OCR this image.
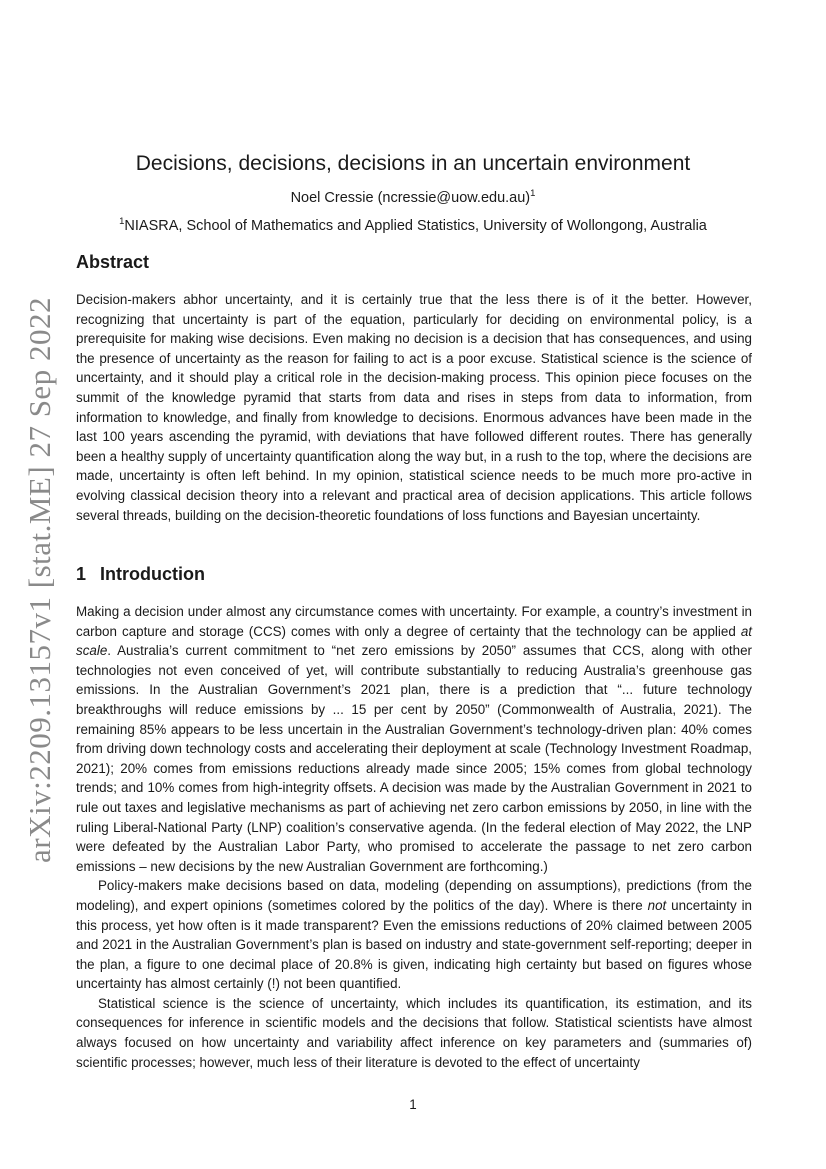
arXiv:2209.13157v1 [stat.ME] 27 Sep 2022
Decisions, decisions, decisions in an uncertain environment
Noel Cressie (ncressie@uow.edu.au)$^1$
$^1$NIASRA, School of Mathematics and Applied Statistics, University of Wollongong, Australia
Abstract

Decision-makers abhor uncertainty, and it is certainly true that the less there is of it the better. However, recognizing that uncertainty is part of the equation, particularly for deciding on environmental policy, is a prerequisite for making wise decisions. Even making no decision is a decision that has consequences, and using the presence of uncertainty as the reason for failing to act is a poor excuse. Statistical science is the science of uncertainty, and it should play a critical role in the decision-making process. This opinion piece focuses on the summit of the knowledge pyramid that starts from data and rises in steps from data to information, from information to knowledge, and finally from knowledge to decisions. Enormous advances have been made in the last 100 years ascending the pyramid, with deviations that have followed different routes. There has generally been a healthy supply of uncertainty quantification along the way but, in a rush to the top, where the decisions are made, uncertainty is often left behind. In my opinion, statistical science needs to be much more pro-active in evolving classical decision theory into a relevant and practical area of decision applications. This article follows several threads, building on the decision-theoretic foundations of loss functions and Bayesian uncertainty.

1 Introduction

Making a decision under almost any circumstance comes with uncertainty. For example, a country’s investment in carbon capture and storage (CCS) comes with only a degree of certainty that the technology can be applied at scale. Australia’s current commitment to “net zero emissions by 2050” assumes that CCS, along with other technologies not even conceived of yet, will contribute substantially to reducing Australia’s greenhouse gas emissions. In the Australian Government’s 2021 plan, there is a prediction that “... future technology breakthroughs will reduce emissions by ... 15 per cent by 2050” (Commonwealth of Australia, 2021). The remaining 85% appears to be less uncertain in the Australian Government’s technology-driven plan: 40% comes from driving down technology costs and accelerating their deployment at scale (Technology Investment Roadmap, 2021); 20% comes from emissions reductions already made since 2005; 15% comes from global technology trends; and 10% comes from high-integrity offsets. A decision was made by the Australian Government in 2021 to rule out taxes and legislative mechanisms as part of achieving net zero carbon emissions by 2050, in line with the ruling Liberal-National Party (LNP) coalition’s conservative agenda. (In the federal election of May 2022, the LNP were defeated by the Australian Labor Party, who promised to accelerate the passage to net zero carbon emissions – new decisions by the new Australian Government are forthcoming.)

Policy-makers make decisions based on data, modeling (depending on assumptions), predictions (from the modeling), and expert opinions (sometimes colored by the politics of the day). Where is there not uncertainty in this process, yet how often is it made transparent? Even the emissions reductions of 20% claimed between 2005 and 2021 in the Australian Government’s plan is based on industry and state-government self-reporting; deeper in the plan, a figure to one decimal place of 20.8% is given, indicating high certainty but based on figures whose uncertainty has almost certainly (!) not been quantified.

Statistical science is the science of uncertainty, which includes its quantification, its estimation, and its consequences for inference in scientific models and the decisions that follow. Statistical scientists have almost always focused on how uncertainty and variability affect inference on key parameters and (summaries of) scientific processes; however, much less of their literature is devoted to the effect of uncertainty

1
